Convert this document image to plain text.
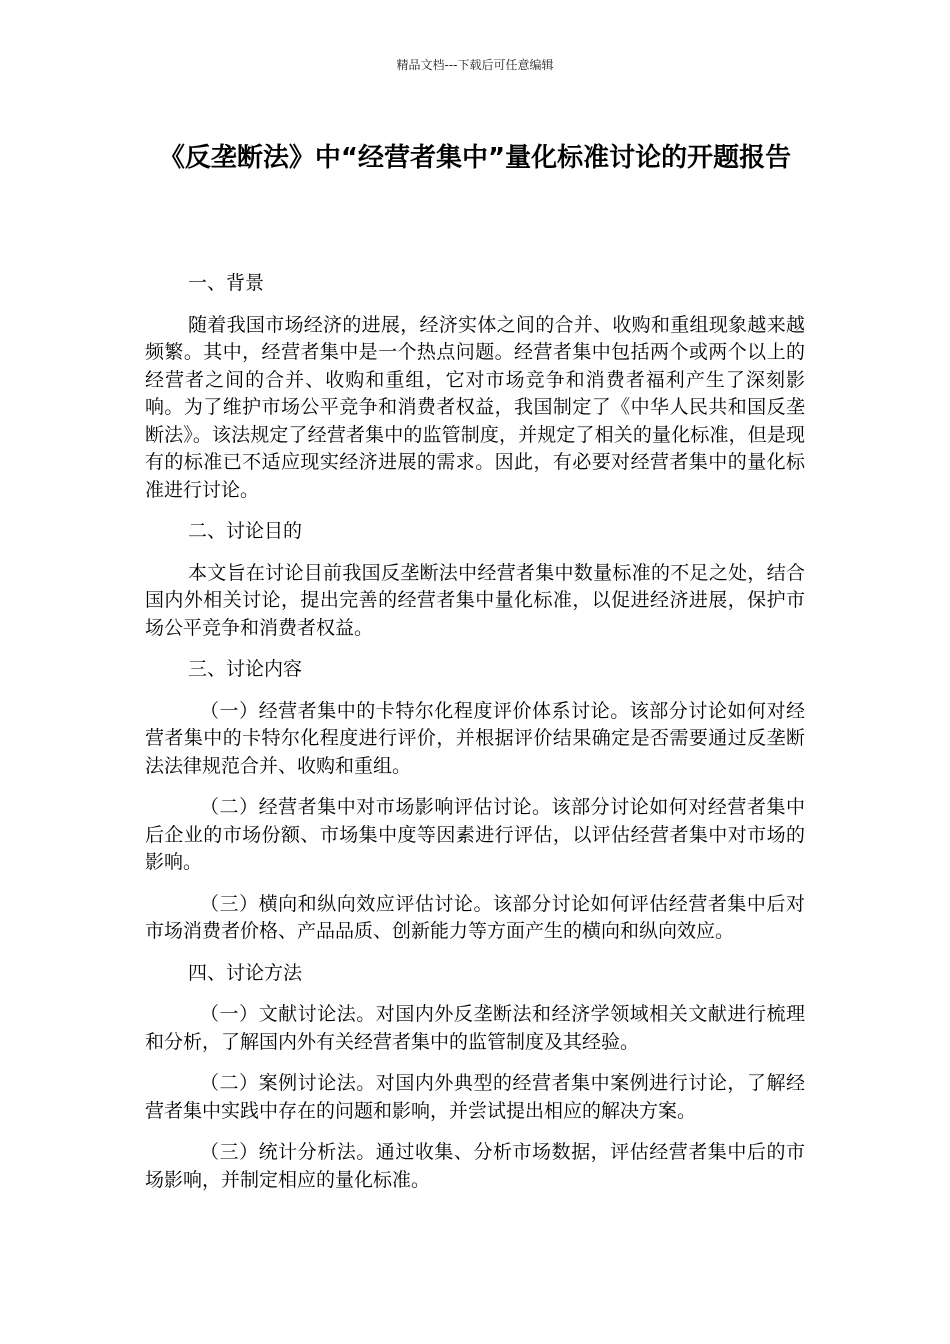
精品文档---下载后可任意编辑
《反垄断法》中“经营者集中”量化标准讨论的开题报告

一、背景

随着我国市场经济的进展，经济实体之间的合并、收购和重组现象越来越频繁。其中，经营者集中是一个热点问题。经营者集中包括两个或两个以上的经营者之间的合并、收购和重组，它对市场竞争和消费者福利产生了深刻影响。为了维护市场公平竞争和消费者权益，我国制定了《中华人民共和国反垄断法》。该法规定了经营者集中的监管制度，并规定了相关的量化标准，但是现有的标准已不适应现实经济进展的需求。因此，有必要对经营者集中的量化标准进行讨论。

二、讨论目的

本文旨在讨论目前我国反垄断法中经营者集中数量标准的不足之处，结合国内外相关讨论，提出完善的经营者集中量化标准，以促进经济进展，保护市场公平竞争和消费者权益。

三、讨论内容

（一）经营者集中的卡特尔化程度评价体系讨论。该部分讨论如何对经营者集中的卡特尔化程度进行评价，并根据评价结果确定是否需要通过反垄断法法律规范合并、收购和重组。

（二）经营者集中对市场影响评估讨论。该部分讨论如何对经营者集中后企业的市场份额、市场集中度等因素进行评估，以评估经营者集中对市场的影响。

（三）横向和纵向效应评估讨论。该部分讨论如何评估经营者集中后对市场消费者价格、产品品质、创新能力等方面产生的横向和纵向效应。

四、讨论方法

（一）文献讨论法。对国内外反垄断法和经济学领域相关文献进行梳理和分析，了解国内外有关经营者集中的监管制度及其经验。

（二）案例讨论法。对国内外典型的经营者集中案例进行讨论，了解经营者集中实践中存在的问题和影响，并尝试提出相应的解决方案。

（三）统计分析法。通过收集、分析市场数据，评估经营者集中后的市场影响，并制定相应的量化标准。
